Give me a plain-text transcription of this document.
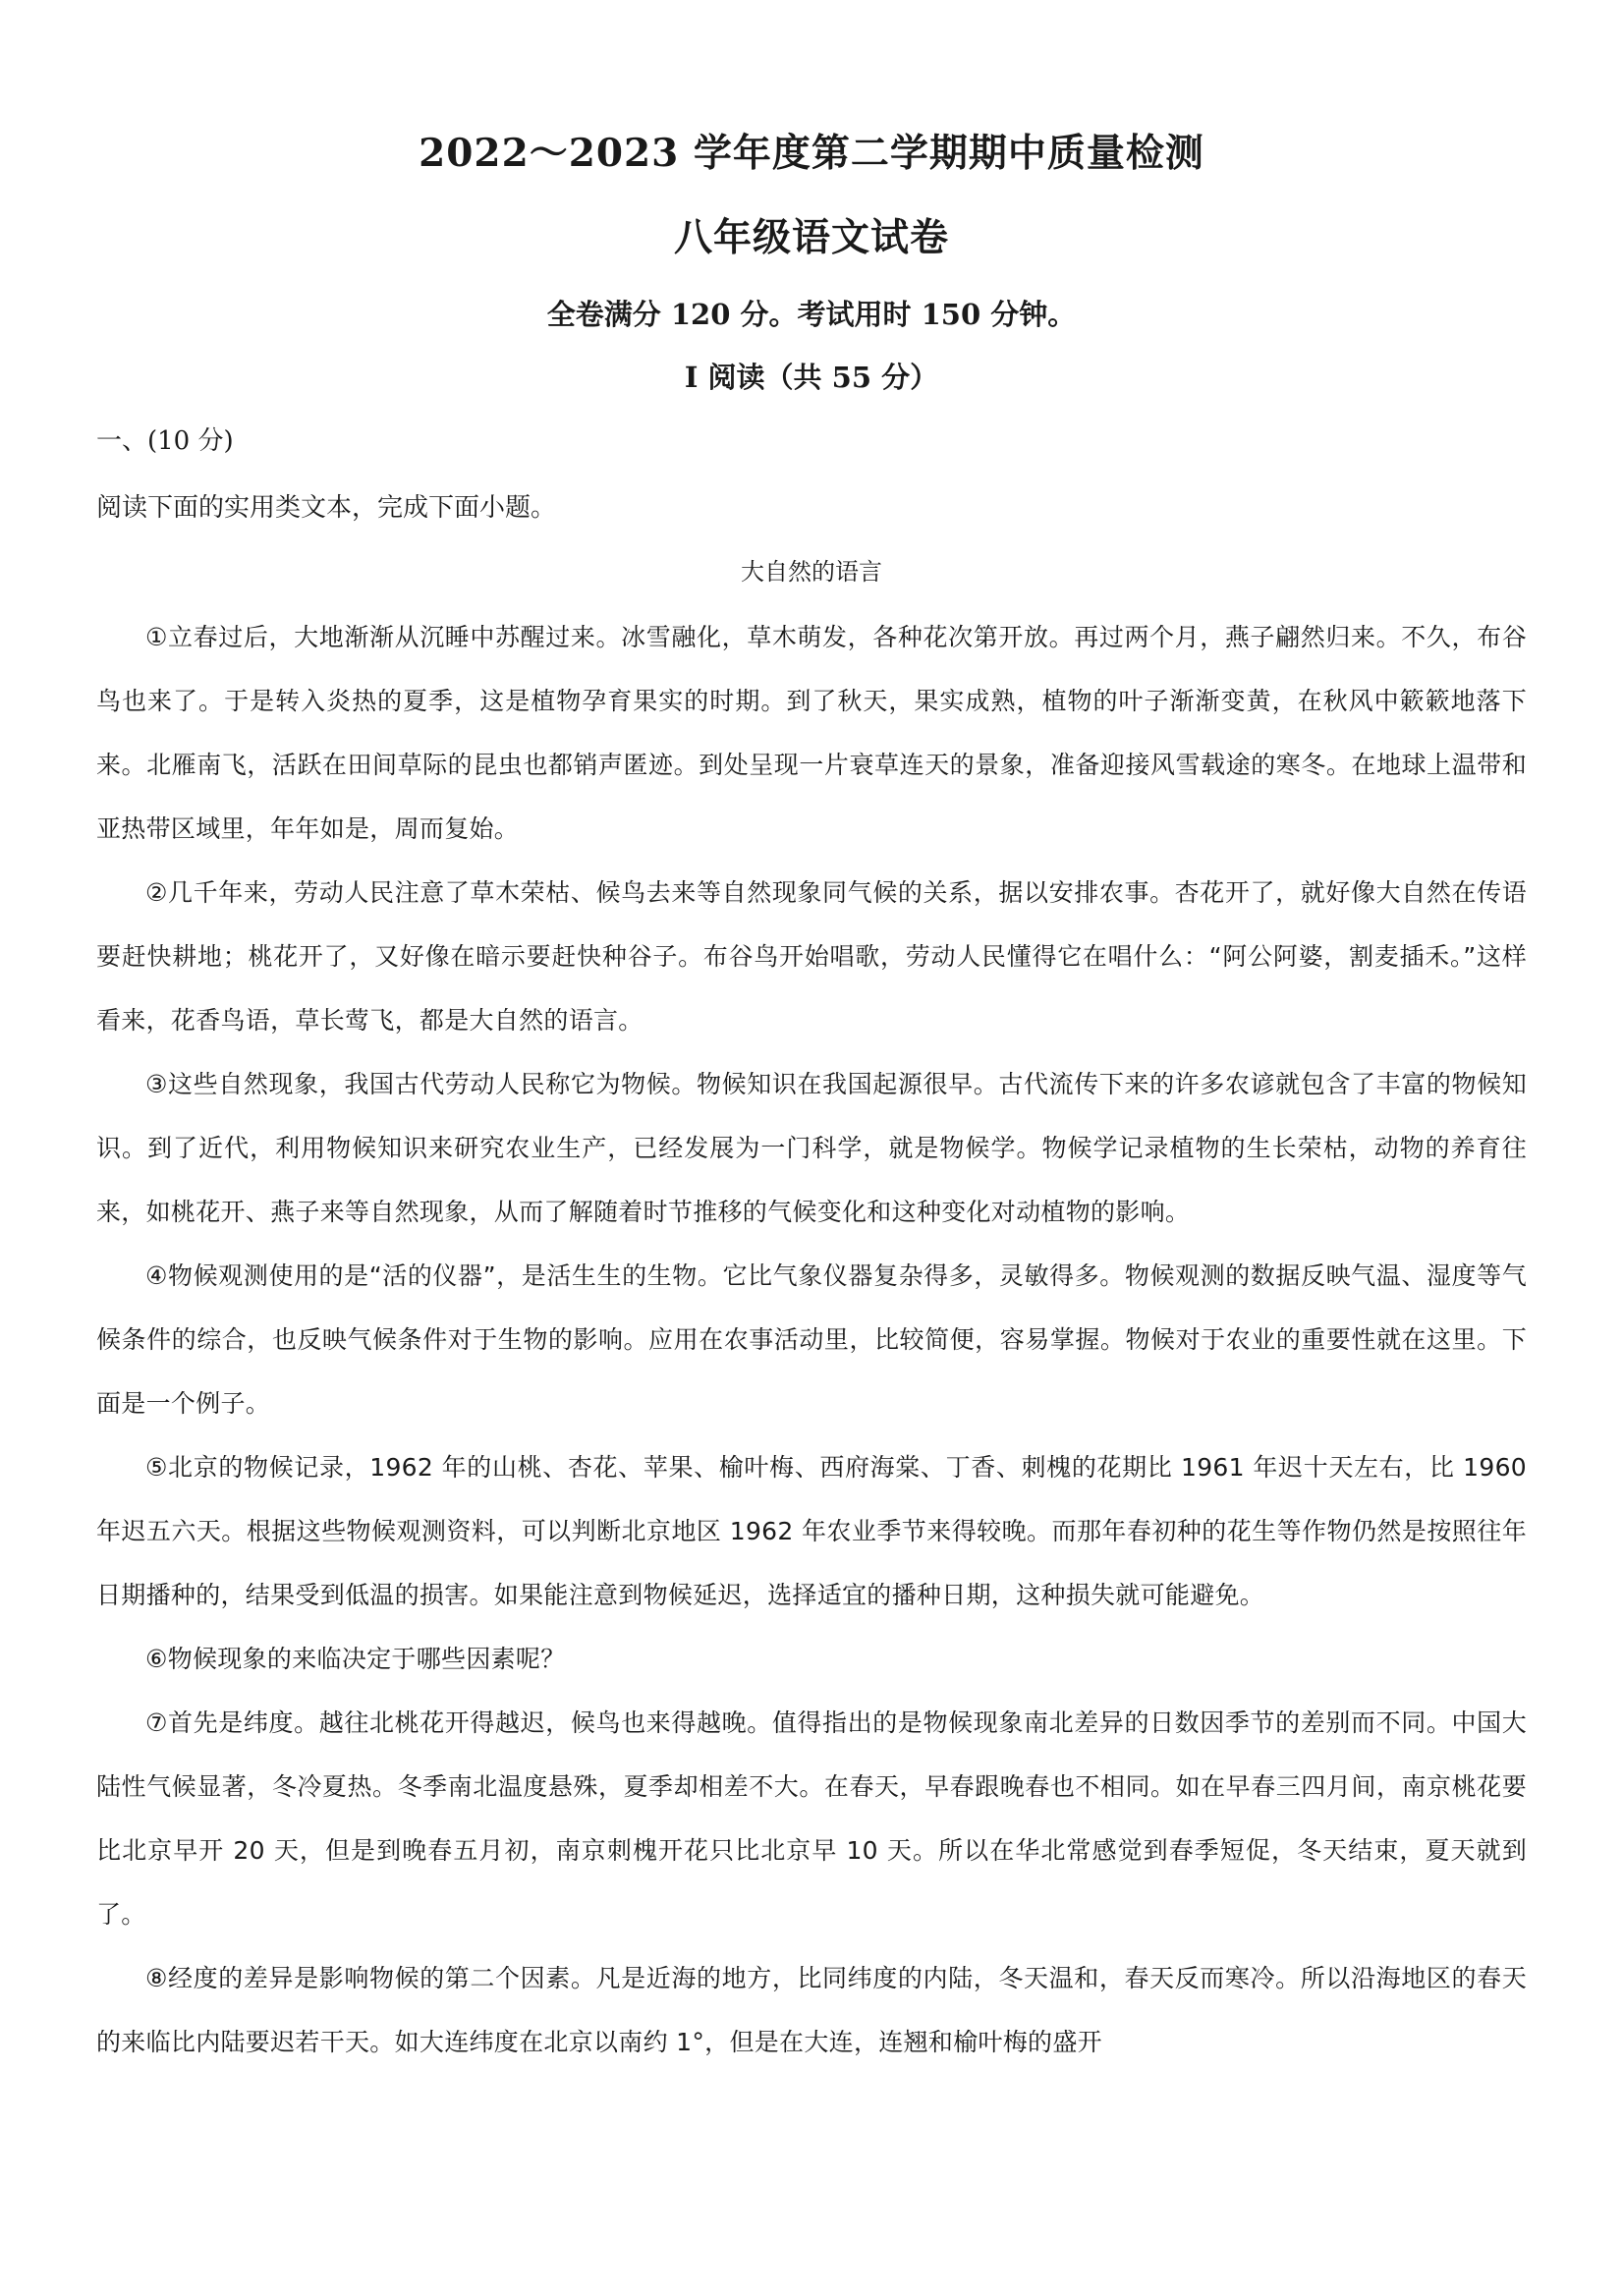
2022～2023 学年度第二学期期中质量检测
八年级语文试卷
全卷满分 120 分。考试用时 150 分钟。
Ⅰ 阅读（共 55 分）
一、(10 分)
阅读下面的实用类文本，完成下面小题。
大自然的语言

①立春过后，大地渐渐从沉睡中苏醒过来。冰雪融化，草木萌发，各种花次第开放。再过两个月，燕子翩然归来。不久，布谷鸟也来了。于是转入炎热的夏季，这是植物孕育果实的时期。到了秋天，果实成熟，植物的叶子渐渐变黄，在秋风中簌簌地落下来。北雁南飞，活跃在田间草际的昆虫也都销声匿迹。到处呈现一片衰草连天的景象，准备迎接风雪载途的寒冬。在地球上温带和亚热带区域里，年年如是，周而复始。

②几千年来，劳动人民注意了草木荣枯、候鸟去来等自然现象同气候的关系，据以安排农事。杏花开了，就好像大自然在传语要赶快耕地；桃花开了，又好像在暗示要赶快种谷子。布谷鸟开始唱歌，劳动人民懂得它在唱什么：“阿公阿婆，割麦插禾。”这样看来，花香鸟语，草长莺飞，都是大自然的语言。

③这些自然现象，我国古代劳动人民称它为物候。物候知识在我国起源很早。古代流传下来的许多农谚就包含了丰富的物候知识。到了近代，利用物候知识来研究农业生产，已经发展为一门科学，就是物候学。物候学记录植物的生长荣枯，动物的养育往来，如桃花开、燕子来等自然现象，从而了解随着时节推移的气候变化和这种变化对动植物的影响。

④物候观测使用的是“活的仪器”，是活生生的生物。它比气象仪器复杂得多，灵敏得多。物候观测的数据反映气温、湿度等气候条件的综合，也反映气候条件对于生物的影响。应用在农事活动里，比较简便，容易掌握。物候对于农业的重要性就在这里。下面是一个例子。

⑤北京的物候记录，1962 年的山桃、杏花、苹果、榆叶梅、西府海棠、丁香、刺槐的花期比 1961 年迟十天左右，比 1960 年迟五六天。根据这些物候观测资料，可以判断北京地区 1962 年农业季节来得较晚。而那年春初种的花生等作物仍然是按照往年日期播种的，结果受到低温的损害。如果能注意到物候延迟，选择适宜的播种日期，这种损失就可能避免。

⑥物候现象的来临决定于哪些因素呢？

⑦首先是纬度。越往北桃花开得越迟，候鸟也来得越晚。值得指出的是物候现象南北差异的日数因季节的差别而不同。中国大陆性气候显著，冬冷夏热。冬季南北温度悬殊，夏季却相差不大。在春天，早春跟晚春也不相同。如在早春三四月间，南京桃花要比北京早开 20 天，但是到晚春五月初，南京刺槐开花只比北京早 10 天。所以在华北常感觉到春季短促，冬天结束，夏天就到了。

⑧经度的差异是影响物候的第二个因素。凡是近海的地方，比同纬度的内陆，冬天温和，春天反而寒冷。所以沿海地区的春天的来临比内陆要迟若干天。如大连纬度在北京以南约 1°，但是在大连，连翘和榆叶梅的盛开
